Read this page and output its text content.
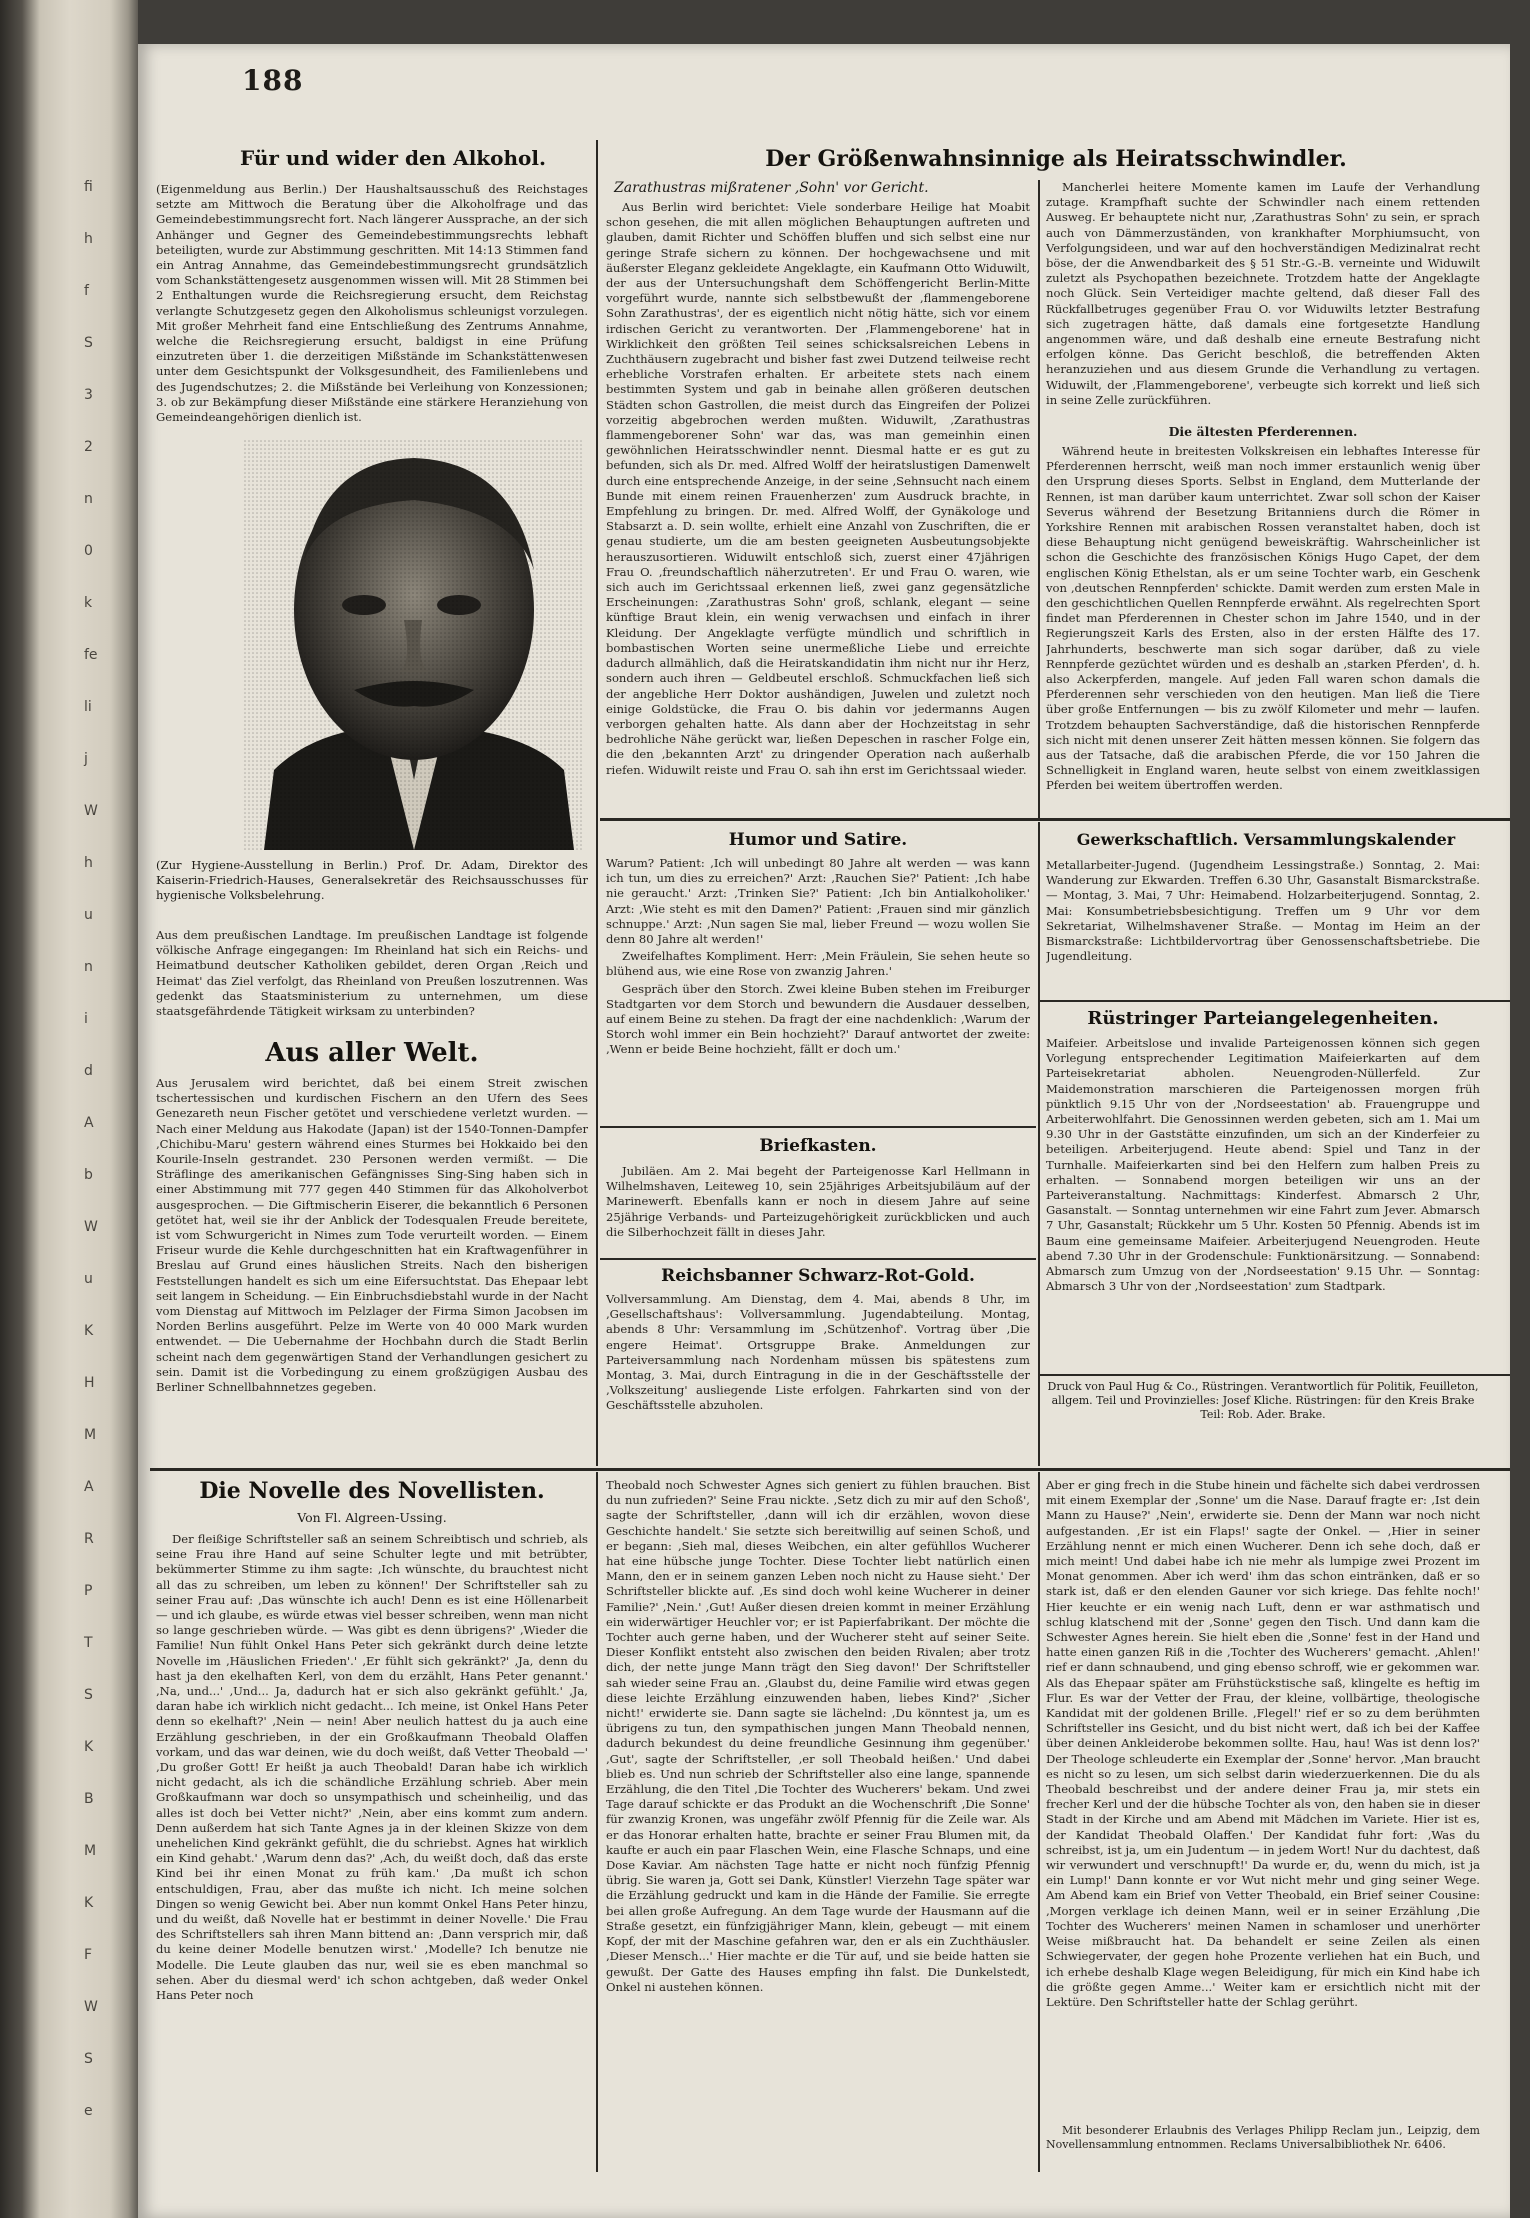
fi
h
f
S
3
2
n
0
k
fe
li
j
W
h
u
n
i
d
A
b
W
u
K
H
M
A
R
P
T
S
K
B
M
K
F
W
S
e
188
Für und wider den Alkohol.

(Eigenmeldung aus Berlin.) Der Haushaltsausschuß des Reichstages setzte am Mittwoch die Beratung über die Alkoholfrage und das Gemeindebestimmungsrecht fort. Nach längerer Aussprache, an der sich Anhänger und Gegner des Gemeindebestimmungsrechts lebhaft beteiligten, wurde zur Abstimmung geschritten. Mit 14:13 Stimmen fand ein Antrag Annahme, das Gemeindebestimmungsrecht grundsätzlich vom Schankstättengesetz ausgenommen wissen will. Mit 28 Stimmen bei 2 Enthaltungen wurde die Reichsregierung ersucht, dem Reichstag verlangte Schutzgesetz gegen den Alkoholismus schleunigst vorzulegen. Mit großer Mehrheit fand eine Entschließung des Zentrums Annahme, welche die Reichsregierung ersucht, baldigst in eine Prüfung einzutreten über 1. die derzeitigen Mißstände im Schankstättenwesen unter dem Gesichtspunkt der Volksgesundheit, des Familienlebens und des Jugendschutzes; 2. die Mißstände bei Verleihung von Konzessionen; 3. ob zur Bekämpfung dieser Mißstände eine stärkere Heranziehung von Gemeindeangehörigen dienlich ist.

(Zur Hygiene-Ausstellung in Berlin.) Prof. Dr. Adam, Direktor des Kaiserin-Friedrich-Hauses, Generalsekretär des Reichsausschusses für hygienische Volksbelehrung.

Aus dem preußischen Landtage. Im preußischen Landtage ist folgende völkische Anfrage eingegangen: Im Rheinland hat sich ein Reichs- und Heimatbund deutscher Katholiken gebildet, deren Organ ‚Reich und Heimat' das Ziel verfolgt, das Rheinland von Preußen loszutrennen. Was gedenkt das Staatsministerium zu unternehmen, um diese staatsgefährdende Tätigkeit wirksam zu unterbinden?

Aus aller Welt.

Aus Jerusalem wird berichtet, daß bei einem Streit zwischen tschertessischen und kurdischen Fischern an den Ufern des Sees Genezareth neun Fischer getötet und verschiedene verletzt wurden. — Nach einer Meldung aus Hakodate (Japan) ist der 1540-Tonnen-Dampfer ‚Chichibu-Maru' gestern während eines Sturmes bei Hokkaido bei den Kourile-Inseln gestrandet. 230 Personen werden vermißt. — Die Sträflinge des amerikanischen Gefängnisses Sing-Sing haben sich in einer Abstimmung mit 777 gegen 440 Stimmen für das Alkoholverbot ausgesprochen. — Die Giftmischerin Eiserer, die bekanntlich 6 Personen getötet hat, weil sie ihr der Anblick der Todesqualen Freude bereitete, ist vom Schwurgericht in Nimes zum Tode verurteilt worden. — Einem Friseur wurde die Kehle durchgeschnitten hat ein Kraftwagenführer in Breslau auf Grund eines häuslichen Streits. Nach den bisherigen Feststellungen handelt es sich um eine Eifersuchtstat. Das Ehepaar lebt seit langem in Scheidung. — Ein Einbruchsdiebstahl wurde in der Nacht vom Dienstag auf Mittwoch im Pelzlager der Firma Simon Jacobsen im Norden Berlins ausgeführt. Pelze im Werte von 40 000 Mark wurden entwendet. — Die Uebernahme der Hochbahn durch die Stadt Berlin scheint nach dem gegenwärtigen Stand der Verhandlungen gesichert zu sein. Damit ist die Vorbedingung zu einem großzügigen Ausbau des Berliner Schnellbahnnetzes gegeben.

Der Größenwahnsinnige als Heiratsschwindler.
Zarathustras mißratener ‚Sohn' vor Gericht.

Aus Berlin wird berichtet: Viele sonderbare Heilige hat Moabit schon gesehen, die mit allen möglichen Behauptungen auftreten und glauben, damit Richter und Schöffen bluffen und sich selbst eine nur geringe Strafe sichern zu können. Der hochgewachsene und mit äußerster Eleganz gekleidete Angeklagte, ein Kaufmann Otto Widuwilt, der aus der Untersuchungshaft dem Schöffengericht Berlin-Mitte vorgeführt wurde, nannte sich selbstbewußt der ‚flammengeborene Sohn Zarathustras', der es eigentlich nicht nötig hätte, sich vor einem irdischen Gericht zu verantworten. Der ‚Flammengeborene' hat in Wirklichkeit den größten Teil seines schicksalsreichen Lebens in Zuchthäusern zugebracht und bisher fast zwei Dutzend teilweise recht erhebliche Vorstrafen erhalten. Er arbeitete stets nach einem bestimmten System und gab in beinahe allen größeren deutschen Städten schon Gastrollen, die meist durch das Eingreifen der Polizei vorzeitig abgebrochen werden mußten. Widuwilt, ‚Zarathustras flammengeborener Sohn' war das, was man gemeinhin einen gewöhnlichen Heiratsschwindler nennt. Diesmal hatte er es gut zu befunden, sich als Dr. med. Alfred Wolff der heiratslustigen Damenwelt durch eine entsprechende Anzeige, in der seine ‚Sehnsucht nach einem Bunde mit einem reinen Frauenherzen' zum Ausdruck brachte, in Empfehlung zu bringen. Dr. med. Alfred Wolff, der Gynäkologe und Stabsarzt a. D. sein wollte, erhielt eine Anzahl von Zuschriften, die er genau studierte, um die am besten geeigneten Ausbeutungsobjekte herauszusortieren. Widuwilt entschloß sich, zuerst einer 47jährigen Frau O. ‚freundschaftlich näherzutreten'. Er und Frau O. waren, wie sich auch im Gerichtssaal erkennen ließ, zwei ganz gegensätzliche Erscheinungen: ‚Zarathustras Sohn' groß, schlank, elegant — seine künftige Braut klein, ein wenig verwachsen und einfach in ihrer Kleidung. Der Angeklagte verfügte mündlich und schriftlich in bombastischen Worten seine unermeßliche Liebe und erreichte dadurch allmählich, daß die Heiratskandidatin ihm nicht nur ihr Herz, sondern auch ihren — Geldbeutel erschloß. Schmuckfachen ließ sich der angebliche Herr Doktor aushändigen, Juwelen und zuletzt noch einige Goldstücke, die Frau O. bis dahin vor jedermanns Augen verborgen gehalten hatte. Als dann aber der Hochzeitstag in sehr bedrohliche Nähe gerückt war, ließen Depeschen in rascher Folge ein, die den ‚bekannten Arzt' zu dringender Operation nach außerhalb riefen. Widuwilt reiste und Frau O. sah ihn erst im Gerichtssaal wieder.

Mancherlei heitere Momente kamen im Laufe der Verhandlung zutage. Krampfhaft suchte der Schwindler nach einem rettenden Ausweg. Er behauptete nicht nur, ‚Zarathustras Sohn' zu sein, er sprach auch von Dämmerzuständen, von krankhafter Morphiumsucht, von Verfolgungsideen, und war auf den hochverständigen Medizinalrat recht böse, der die Anwendbarkeit des § 51 Str.-G.-B. verneinte und Widuwilt zuletzt als Psychopathen bezeichnete. Trotzdem hatte der Angeklagte noch Glück. Sein Verteidiger machte geltend, daß dieser Fall des Rückfallbetruges gegenüber Frau O. vor Widuwilts letzter Bestrafung sich zugetragen hätte, daß damals eine fortgesetzte Handlung angenommen wäre, und daß deshalb eine erneute Bestrafung nicht erfolgen könne. Das Gericht beschloß, die betreffenden Akten heranzuziehen und aus diesem Grunde die Verhandlung zu vertagen. Widuwilt, der ‚Flammengeborene', verbeugte sich korrekt und ließ sich in seine Zelle zurückführen.

Die ältesten Pferderennen.

Während heute in breitesten Volkskreisen ein lebhaftes Interesse für Pferderennen herrscht, weiß man noch immer erstaunlich wenig über den Ursprung dieses Sports. Selbst in England, dem Mutterlande der Rennen, ist man darüber kaum unterrichtet. Zwar soll schon der Kaiser Severus während der Besetzung Britanniens durch die Römer in Yorkshire Rennen mit arabischen Rossen veranstaltet haben, doch ist diese Behauptung nicht genügend beweiskräftig. Wahrscheinlicher ist schon die Geschichte des französischen Königs Hugo Capet, der dem englischen König Ethelstan, als er um seine Tochter warb, ein Geschenk von ‚deutschen Rennpferden' schickte. Damit werden zum ersten Male in den geschichtlichen Quellen Rennpferde erwähnt. Als regelrechten Sport findet man Pferderennen in Chester schon im Jahre 1540, und in der Regierungszeit Karls des Ersten, also in der ersten Hälfte des 17. Jahrhunderts, beschwerte man sich sogar darüber, daß zu viele Rennpferde gezüchtet würden und es deshalb an ‚starken Pferden', d. h. also Ackerpferden, mangele. Auf jeden Fall waren schon damals die Pferderennen sehr verschieden von den heutigen. Man ließ die Tiere über große Entfernungen — bis zu zwölf Kilometer und mehr — laufen. Trotzdem behaupten Sachverständige, daß die historischen Rennpferde sich nicht mit denen unserer Zeit hätten messen können. Sie folgern das aus der Tatsache, daß die arabischen Pferde, die vor 150 Jahren die Schnelligkeit in England waren, heute selbst von einem zweitklassigen Pferden bei weitem übertroffen werden.

Humor und Satire.

Warum? Patient: ‚Ich will unbedingt 80 Jahre alt werden — was kann ich tun, um dies zu erreichen?' Arzt: ‚Rauchen Sie?' Patient: ‚Ich habe nie geraucht.' Arzt: ‚Trinken Sie?' Patient: ‚Ich bin Antialkoholiker.' Arzt: ‚Wie steht es mit den Damen?' Patient: ‚Frauen sind mir gänzlich schnuppe.' Arzt: ‚Nun sagen Sie mal, lieber Freund — wozu wollen Sie denn 80 Jahre alt werden!'

Zweifelhaftes Kompliment. Herr: ‚Mein Fräulein, Sie sehen heute so blühend aus, wie eine Rose von zwanzig Jahren.'

Gespräch über den Storch. Zwei kleine Buben stehen im Freiburger Stadtgarten vor dem Storch und bewundern die Ausdauer desselben, auf einem Beine zu stehen. Da fragt der eine nachdenklich: ‚Warum der Storch wohl immer ein Bein hochzieht?' Darauf antwortet der zweite: ‚Wenn er beide Beine hochzieht, fällt er doch um.'

Briefkasten.

Jubiläen. Am 2. Mai begeht der Parteigenosse Karl Hellmann in Wilhelmshaven, Leiteweg 10, sein 25jähriges Arbeitsjubiläum auf der Marinewerft. Ebenfalls kann er noch in diesem Jahre auf seine 25jährige Verbands- und Parteizugehörigkeit zurückblicken und auch die Silberhochzeit fällt in dieses Jahr.

Reichsbanner Schwarz-Rot-Gold.

Vollversammlung. Am Dienstag, dem 4. Mai, abends 8 Uhr, im ‚Gesellschaftshaus': Vollversammlung. Jugendabteilung. Montag, abends 8 Uhr: Versammlung im ‚Schützenhof'. Vortrag über ‚Die engere Heimat'. Ortsgruppe Brake. Anmeldungen zur Parteiversammlung nach Nordenham müssen bis spätestens zum Montag, 3. Mai, durch Eintragung in die in der Geschäftsstelle der ‚Volkszeitung' ausliegende Liste erfolgen. Fahrkarten sind von der Geschäftsstelle abzuholen.

Gewerkschaftlich. Versammlungskalender

Metallarbeiter-Jugend. (Jugendheim Lessingstraße.) Sonntag, 2. Mai: Wanderung zur Ekwarden. Treffen 6.30 Uhr, Gasanstalt Bismarckstraße. — Montag, 3. Mai, 7 Uhr: Heimabend. Holzarbeiterjugend. Sonntag, 2. Mai: Konsumbetriebsbesichtigung. Treffen um 9 Uhr vor dem Sekretariat, Wilhelmshavener Straße. — Montag im Heim an der Bismarckstraße: Lichtbildervortrag über Genossenschaftsbetriebe. Die Jugendleitung.

Rüstringer Parteiangelegenheiten.

Maifeier. Arbeitslose und invalide Parteigenossen können sich gegen Vorlegung entsprechender Legitimation Maifeierkarten auf dem Parteisekretariat abholen. Neuengroden-Nüllerfeld. Zur Maidemonstration marschieren die Parteigenossen morgen früh pünktlich 9.15 Uhr von der ‚Nordseestation' ab. Frauengruppe und Arbeiterwohlfahrt. Die Genossinnen werden gebeten, sich am 1. Mai um 9.30 Uhr in der Gaststätte einzufinden, um sich an der Kinderfeier zu beteiligen. Arbeiterjugend. Heute abend: Spiel und Tanz in der Turnhalle. Maifeierkarten sind bei den Helfern zum halben Preis zu erhalten. — Sonnabend morgen beteiligen wir uns an der Parteiveranstaltung. Nachmittags: Kinderfest. Abmarsch 2 Uhr, Gasanstalt. — Sonntag unternehmen wir eine Fahrt zum Jever. Abmarsch 7 Uhr, Gasanstalt; Rückkehr um 5 Uhr. Kosten 50 Pfennig. Abends ist im Baum eine gemeinsame Maifeier. Arbeiterjugend Neuengroden. Heute abend 7.30 Uhr in der Grodenschule: Funktionärsitzung. — Sonnabend: Abmarsch zum Umzug von der ‚Nordseestation' 9.15 Uhr. — Sonntag: Abmarsch 3 Uhr von der ‚Nordseestation' zum Stadtpark.

Druck von Paul Hug & Co., Rüstringen. Verantwortlich für Politik, Feuilleton, allgem. Teil und Provinzielles: Josef Kliche. Rüstringen: für den Kreis Brake Teil: Rob. Ader. Brake.
Die Novelle des Novellisten.
Von Fl. Algreen-Ussing.

Der fleißige Schriftsteller saß an seinem Schreibtisch und schrieb, als seine Frau ihre Hand auf seine Schulter legte und mit betrübter, bekümmerter Stimme zu ihm sagte: ‚Ich wünschte, du brauchtest nicht all das zu schreiben, um leben zu können!' Der Schriftsteller sah zu seiner Frau auf: ‚Das wünschte ich auch! Denn es ist eine Höllenarbeit — und ich glaube, es würde etwas viel besser schreiben, wenn man nicht so lange geschrieben würde. — Was gibt es denn übrigens?' ‚Wieder die Familie! Nun fühlt Onkel Hans Peter sich gekränkt durch deine letzte Novelle im ‚Häuslichen Frieden'.' ‚Er fühlt sich gekränkt?' ‚Ja, denn du hast ja den ekelhaften Kerl, von dem du erzählt, Hans Peter genannt.' ‚Na, und...' ‚Und... Ja, dadurch hat er sich also gekränkt gefühlt.' ‚Ja, daran habe ich wirklich nicht gedacht... Ich meine, ist Onkel Hans Peter denn so ekelhaft?' ‚Nein — nein! Aber neulich hattest du ja auch eine Erzählung geschrieben, in der ein Großkaufmann Theobald Olaffen vorkam, und das war deinen, wie du doch weißt, daß Vetter Theobald —' ‚Du großer Gott! Er heißt ja auch Theobald! Daran habe ich wirklich nicht gedacht, als ich die schändliche Erzählung schrieb. Aber mein Großkaufmann war doch so unsympathisch und scheinheilig, und das alles ist doch bei Vetter nicht?' ‚Nein, aber eins kommt zum andern. Denn außerdem hat sich Tante Agnes ja in der kleinen Skizze von dem unehelichen Kind gekränkt gefühlt, die du schriebst. Agnes hat wirklich ein Kind gehabt.' ‚Warum denn das?' ‚Ach, du weißt doch, daß das erste Kind bei ihr einen Monat zu früh kam.' ‚Da mußt ich schon entschuldigen, Frau, aber das mußte ich nicht. Ich meine solchen Dingen so wenig Gewicht bei. Aber nun kommt Onkel Hans Peter hinzu, und du weißt, daß Novelle hat er bestimmt in deiner Novelle.' Die Frau des Schriftstellers sah ihren Mann bittend an: ‚Dann versprich mir, daß du keine deiner Modelle benutzen wirst.' ‚Modelle? Ich benutze nie Modelle. Die Leute glauben das nur, weil sie es eben manchmal so sehen. Aber du diesmal werd' ich schon achtgeben, daß weder Onkel Hans Peter noch

Theobald noch Schwester Agnes sich geniert zu fühlen brauchen. Bist du nun zufrieden?' Seine Frau nickte. ‚Setz dich zu mir auf den Schoß', sagte der Schriftsteller, ‚dann will ich dir erzählen, wovon diese Geschichte handelt.' Sie setzte sich bereitwillig auf seinen Schoß, und er begann: ‚Sieh mal, dieses Weibchen, ein alter gefühllos Wucherer hat eine hübsche junge Tochter. Diese Tochter liebt natürlich einen Mann, den er in seinem ganzen Leben noch nicht zu Hause sieht.' Der Schriftsteller blickte auf. ‚Es sind doch wohl keine Wucherer in deiner Familie?' ‚Nein.' ‚Gut! Außer diesen dreien kommt in meiner Erzählung ein widerwärtiger Heuchler vor; er ist Papierfabrikant. Der möchte die Tochter auch gerne haben, und der Wucherer steht auf seiner Seite. Dieser Konflikt entsteht also zwischen den beiden Rivalen; aber trotz dich, der nette junge Mann trägt den Sieg davon!' Der Schriftsteller sah wieder seine Frau an. ‚Glaubst du, deine Familie wird etwas gegen diese leichte Erzählung einzuwenden haben, liebes Kind?' ‚Sicher nicht!' erwiderte sie. Dann sagte sie lächelnd: ‚Du könntest ja, um es übrigens zu tun, den sympathischen jungen Mann Theobald nennen, dadurch bekundest du deine freundliche Gesinnung ihm gegenüber.' ‚Gut', sagte der Schriftsteller, ‚er soll Theobald heißen.' Und dabei blieb es. Und nun schrieb der Schriftsteller also eine lange, spannende Erzählung, die den Titel ‚Die Tochter des Wucherers' bekam. Und zwei Tage darauf schickte er das Produkt an die Wochenschrift ‚Die Sonne' für zwanzig Kronen, was ungefähr zwölf Pfennig für die Zeile war. Als er das Honorar erhalten hatte, brachte er seiner Frau Blumen mit, da kaufte er auch ein paar Flaschen Wein, eine Flasche Schnaps, und eine Dose Kaviar. Am nächsten Tage hatte er nicht noch fünfzig Pfennig übrig. Sie waren ja, Gott sei Dank, Künstler! Vierzehn Tage später war die Erzählung gedruckt und kam in die Hände der Familie. Sie erregte bei allen große Aufregung. An dem Tage wurde der Hausmann auf die Straße gesetzt, ein fünfzigjähriger Mann, klein, gebeugt — mit einem Kopf, der mit der Maschine gefahren war, den er als ein Zuchthäusler. ‚Dieser Mensch...' Hier machte er die Tür auf, und sie beide hatten sie gewußt. Der Gatte des Hauses empfing ihn falst. Die Dunkelstedt, Onkel ni austehen können.

Aber er ging frech in die Stube hinein und fächelte sich dabei verdrossen mit einem Exemplar der ‚Sonne' um die Nase. Darauf fragte er: ‚Ist dein Mann zu Hause?' ‚Nein', erwiderte sie. Denn der Mann war noch nicht aufgestanden. ‚Er ist ein Flaps!' sagte der Onkel. — ‚Hier in seiner Erzählung nennt er mich einen Wucherer. Denn ich sehe doch, daß er mich meint! Und dabei habe ich nie mehr als lumpige zwei Prozent im Monat genommen. Aber ich werd' ihm das schon eintränken, daß er so stark ist, daß er den elenden Gauner vor sich kriege. Das fehlte noch!' Hier keuchte er ein wenig nach Luft, denn er war asthmatisch und schlug klatschend mit der ‚Sonne' gegen den Tisch. Und dann kam die Schwester Agnes herein. Sie hielt eben die ‚Sonne' fest in der Hand und hatte einen ganzen Riß in die ‚Tochter des Wucherers' gemacht. ‚Ahlen!' rief er dann schnaubend, und ging ebenso schroff, wie er gekommen war. Als das Ehepaar später am Frühstückstische saß, klingelte es heftig im Flur. Es war der Vetter der Frau, der kleine, vollbärtige, theologische Kandidat mit der goldenen Brille. ‚Flegel!' rief er so zu dem berühmten Schriftsteller ins Gesicht, und du bist nicht wert, daß ich bei der Kaffee über deinen Ankleiderobe bekommen sollte. Hau, hau! Was ist denn los?' Der Theologe schleuderte ein Exemplar der ‚Sonne' hervor. ‚Man braucht es nicht so zu lesen, um sich selbst darin wiederzuerkennen. Die du als Theobald beschreibst und der andere deiner Frau ja, mir stets ein frecher Kerl und der die hübsche Tochter als von, den haben sie in dieser Stadt in der Kirche und am Abend mit Mädchen im Variete. Hier ist es, der Kandidat Theobald Olaffen.' Der Kandidat fuhr fort: ‚Was du schreibst, ist ja, um ein Judentum — in jedem Wort! Nur du dachtest, daß wir verwundert und verschnupft!' Da wurde er, du, wenn du mich, ist ja ein Lump!' Dann konnte er vor Wut nicht mehr und ging seiner Wege. Am Abend kam ein Brief von Vetter Theobald, ein Brief seiner Cousine: ‚Morgen verklage ich deinen Mann, weil er in seiner Erzählung ‚Die Tochter des Wucherers' meinen Namen in schamloser und unerhörter Weise mißbraucht hat. Da behandelt er seine Zeilen als einen Schwiegervater, der gegen hohe Prozente verliehen hat ein Buch, und ich erhebe deshalb Klage wegen Beleidigung, für mich ein Kind habe ich die größte gegen Amme...' Weiter kam er ersichtlich nicht mit der Lektüre. Den Schriftsteller hatte der Schlag gerührt.

Mit besonderer Erlaubnis des Verlages Philipp Reclam jun., Leipzig, dem Novellensammlung entnommen. Reclams Universalbibliothek Nr. 6406.
